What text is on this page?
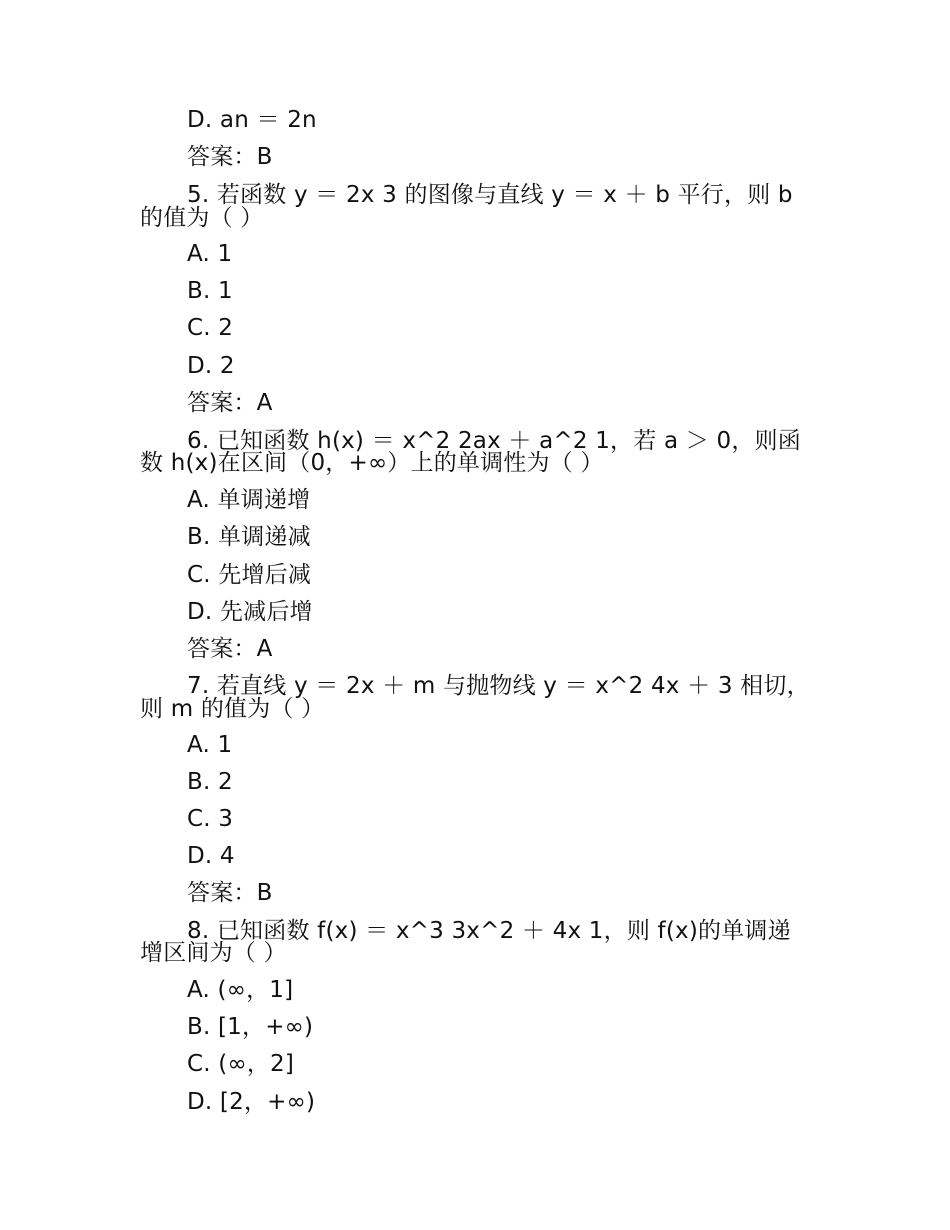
D. an ＝ 2n
答案：B
5. 若函数 y ＝ 2x 3 的图像与直线 y ＝ x ＋ b 平行，则 b
的值为（ ）
A. 1
B. 1
C. 2
D. 2
答案：A
6. 已知函数 h(x) ＝ x^2 2ax ＋ a^2 1，若 a ＞ 0，则函
数 h(x)在区间（0，+∞）上的单调性为（ ）
A. 单调递增
B. 单调递减
C. 先增后减
D. 先减后增
答案：A
7. 若直线 y ＝ 2x ＋ m 与抛物线 y ＝ x^2 4x ＋ 3 相切，
则 m 的值为（ ）
A. 1
B. 2
C. 3
D. 4
答案：B
8. 已知函数 f(x) ＝ x^3 3x^2 ＋ 4x 1，则 f(x)的单调递
增区间为（ ）
A. (∞，1]
B. [1，+∞)
C. (∞，2]
D. [2，+∞)
